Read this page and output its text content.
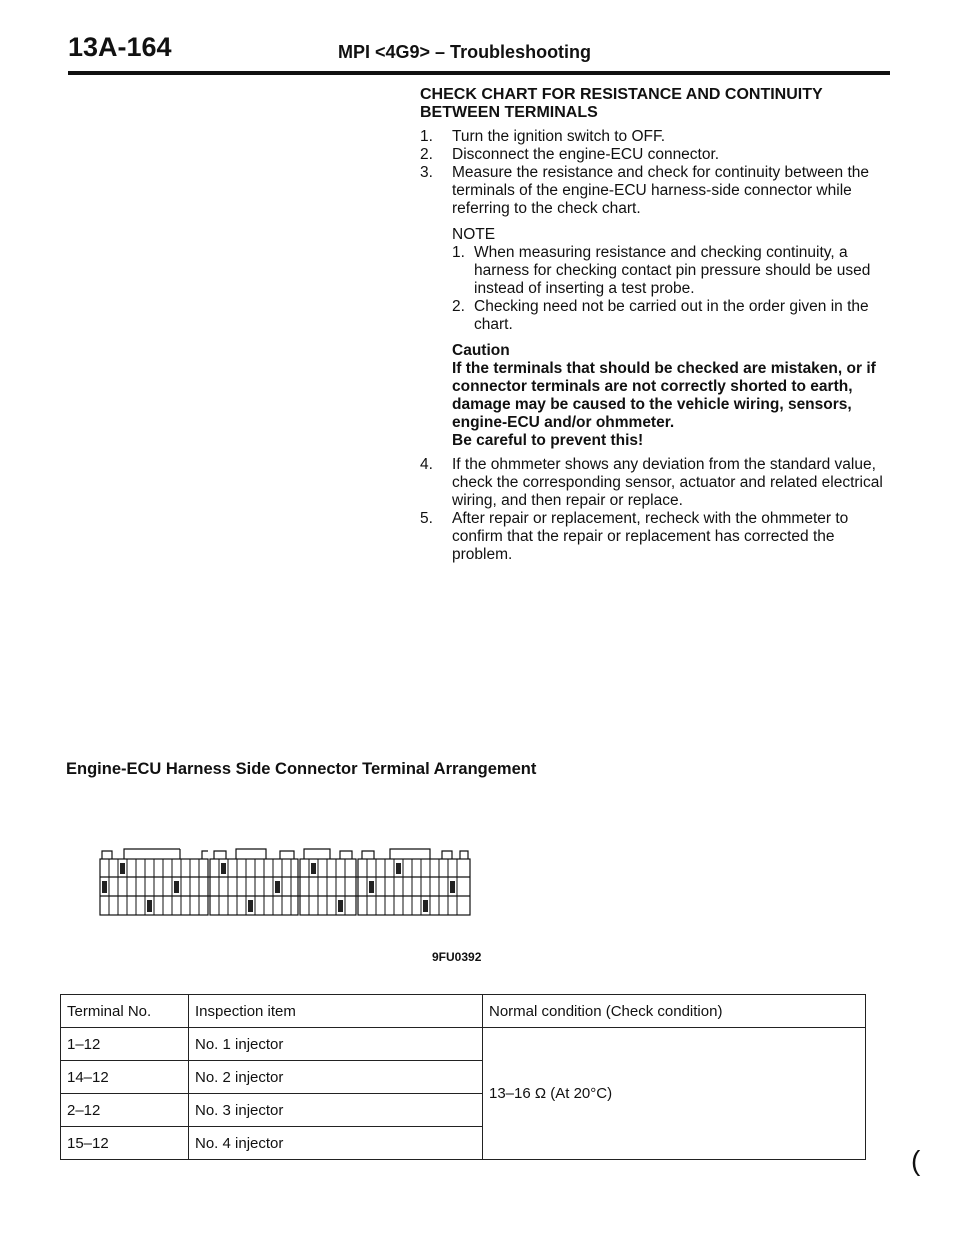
13A-164	MPI <4G9> – Troubleshooting
CHECK CHART FOR RESISTANCE AND CONTINUITY BETWEEN TERMINALS
1. Turn the ignition switch to OFF.
2. Disconnect the engine-ECU connector.
3. Measure the resistance and check for continuity between the terminals of the engine-ECU harness-side connector while referring to the check chart.
NOTE
1. When measuring resistance and checking continuity, a harness for checking contact pin pressure should be used instead of inserting a test probe.
2. Checking need not be carried out in the order given in the chart.
Caution
If the terminals that should be checked are mistaken, or if connector terminals are not correctly shorted to earth, damage may be caused to the vehicle wiring, sensors, engine-ECU and/or ohmmeter.
Be careful to prevent this!
4. If the ohmmeter shows any deviation from the standard value, check the corresponding sensor, actuator and related electrical wiring, and then repair or replace.
5. After repair or replacement, recheck with the ohmmeter to confirm that the repair or replacement has corrected the problem.
Engine-ECU Harness Side Connector Terminal Arrangement
9FU0392
Terminal No.	Inspection item	Normal condition (Check condition)
1–12	No. 1 injector	13–16 Ω (At 20°C)
14–12	No. 2 injector	
2–12	No. 3 injector	
15–12	No. 4 injector	
(
